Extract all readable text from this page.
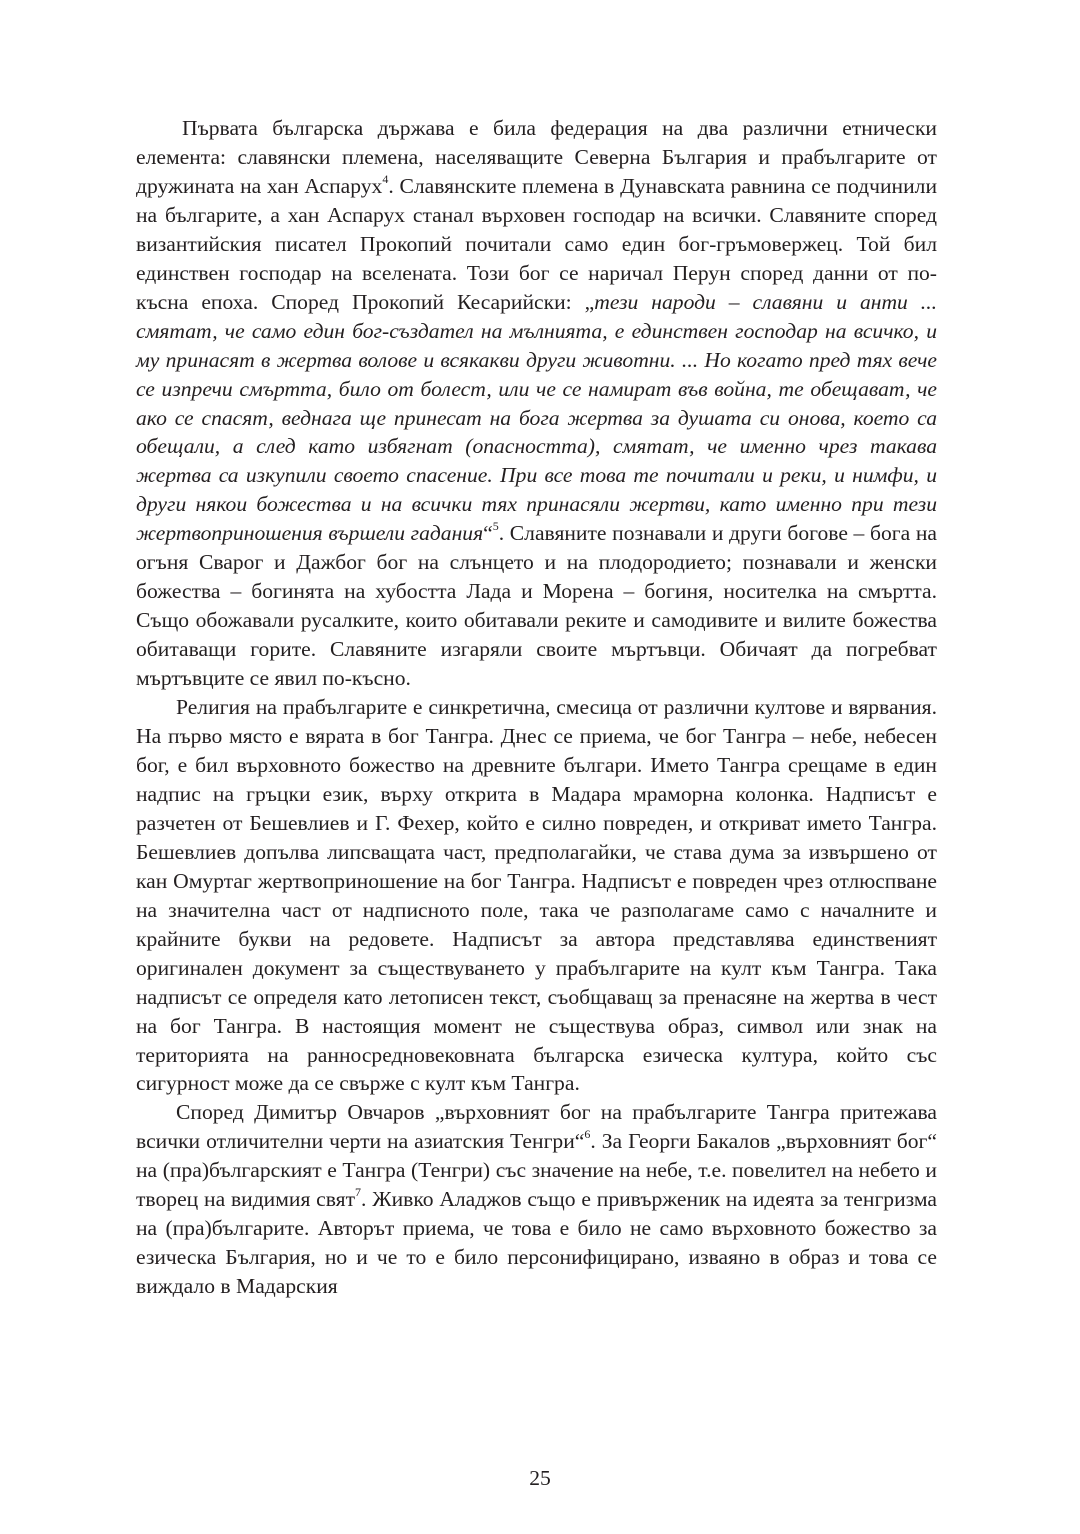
Първата българска държава е била федерация на два различни етнически елемента: славянски племена, населяващите Северна България и прабългарите от дружината на хан Аспарух$^4$. Славянските племена в Дунавската равнина се подчинили на българите, а хан Аспарух станал върховен господар на всички. Славяните според византийския писател Прокопий почитали само един бог-гръмовержец. Той бил единствен господар на вселената. Този бог се наричал Перун според данни от по-късна епоха. Според Прокопий Кесарийски: „тези народи – славяни и анти ... смятат, че само един бог-създател на мълнията, е единствен господар на всичко, и му принасят в жертва волове и всякакви други животни. ... Но когато пред тях вече се изпречи смъртта, било от болест, или че се намират във война, те обещават, че ако се спасят, веднага ще принесат на бога жертва за душата си онова, което са обещали, а след като избягнат (опасността), смятат, че именно чрез такава жертва са изкупили своето спасение. При все това те почитали и реки, и нимфи, и други някои божества и на всички тях принасяли жертви, като именно при тези жертвоприношения вършели гадания“$^5$. Славяните познавали и други богове – бога на огъня Сварог и Дажбог бог на слънцето и на плодородието; познавали и женски божества – богинята на хубостта Лада и Морена – богиня, носителка на смъртта. Също обожавали русалките, които обитавали реките и самодивите и вилите божества обитаващи горите. Славяните изгаряли своите мъртъвци. Обичаят да погребват мъртъвците се явил по-късно.

Религия на прабългарите е синкретична, смесица от различни култове и вярвания. На първо място е вярата в бог Тангра. Днес се приема, че бог Тангра – небе, небесен бог, е бил върховното божество на древните българи. Името Тангра срещаме в един надпис на гръцки език, върху открита в Мадара мраморна колонка. Надписът е разчетен от Бешевлиев и Г. Фехер, който е силно повреден, и откриват името Тангра. Бешевлиев допълва липсващата част, предполагайки, че става дума за извършено от кан Омуртаг жертвоприношение на бог Тангра. Надписът е повреден чрез отлюспване на значителна част от надписното поле, така че разполагаме само с началните и крайните букви на редовете. Надписът за автора представлява единственият оригинален документ за съществуването у прабългарите на култ към Тангра. Така надписът се определя като летописен текст, съобщаващ за пренасяне на жертва в чест на бог Тангра. В настоящия момент не съществува образ, символ или знак на територията на ранносредновековната българска езическа култура, който със сигурност може да се свърже с култ към Тангра.

Според Димитър Овчаров „върховният бог на прабългарите Тангра притежава всички отличителни черти на азиатския Тенгри“$^6$. За Георги Бакалов „върховният бог“ на (пра)българският е Тангра (Тенгри) със значение на небе, т.е. повелител на небето и творец на видимия свят$^7$. Живко Аладжов също е привърженик на идеята за тенгризма на (пра)българите. Авторът приема, че това е било не само върховното божество за езическа България, но и че то е било персонифицирано, изваяно в образ и това се виждало в Мадарския

25
